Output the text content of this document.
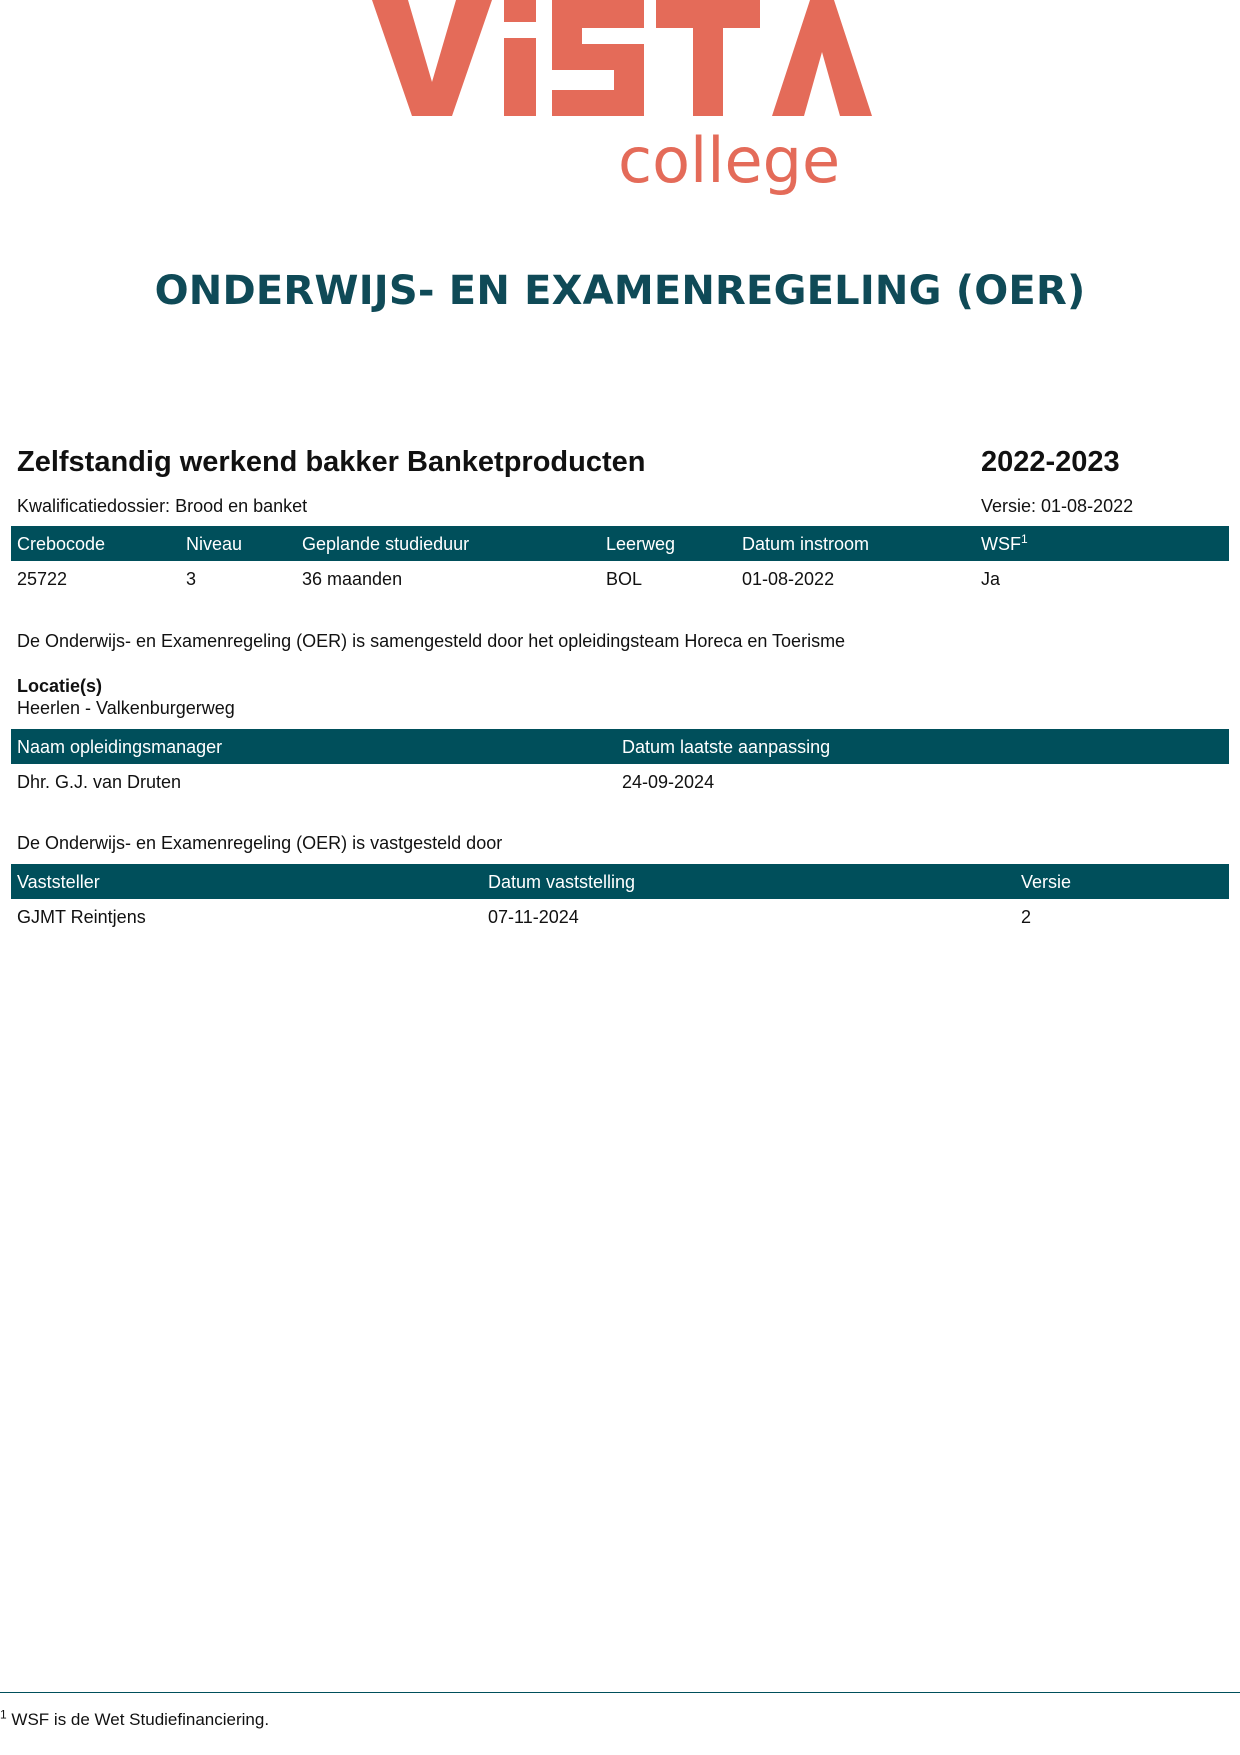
college
ONDERWIJS- EN EXAMENREGELING (OER)
Zelfstandig werkend bakker Banketproducten	2022-2023
Kwalificatiedossier: Brood en banket	Versie: 01-08-2022
Crebocode	Niveau	Geplande studieduur	Leerweg	Datum instroom	WSF$^1$
25722	3	36 maanden	BOL	01-08-2022	Ja
De Onderwijs- en Examenregeling (OER) is samengesteld door het opleidingsteam Horeca en Toerisme
Locatie(s)
Heerlen - Valkenburgerweg
Naam opleidingsmanager	Datum laatste aanpassing
Dhr. G.J. van Druten	24-09-2024
De Onderwijs- en Examenregeling (OER) is vastgesteld door
Vaststeller	Datum vaststelling	Versie
GJMT Reintjens	07-11-2024	2
$^1$ WSF is de Wet Studiefinanciering.
